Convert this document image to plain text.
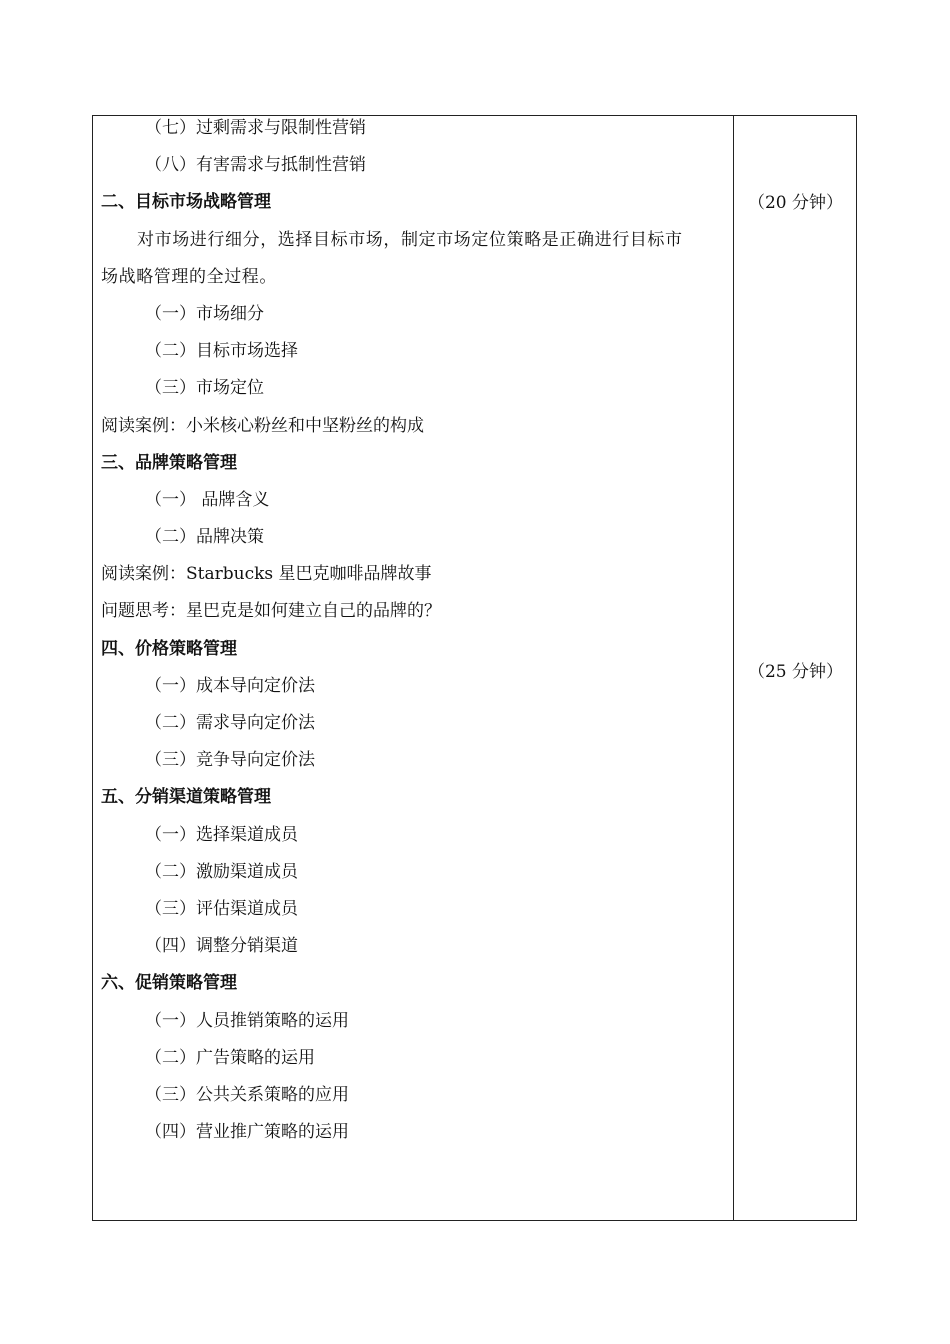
（七）过剩需求与限制性营销
（八）有害需求与抵制性营销
二、目标市场战略管理
对市场进行细分，选择目标市场，制定市场定位策略是正确进行目标市
场战略管理的全过程。
（一）市场细分
（二）目标市场选择
（三）市场定位
阅读案例：小米核心粉丝和中坚粉丝的构成
三、品牌策略管理
（一） 品牌含义
（二）品牌决策
阅读案例：Starbucks 星巴克咖啡品牌故事
问题思考：星巴克是如何建立自己的品牌的？
四、价格策略管理
（一）成本导向定价法
（二）需求导向定价法
（三）竞争导向定价法
五、分销渠道策略管理
（一）选择渠道成员
（二）激励渠道成员
（三）评估渠道成员
（四）调整分销渠道
六、促销策略管理
（一）人员推销策略的运用
（二）广告策略的运用
（三）公共关系策略的应用
（四）营业推广策略的运用
（20 分钟）
（25 分钟）
